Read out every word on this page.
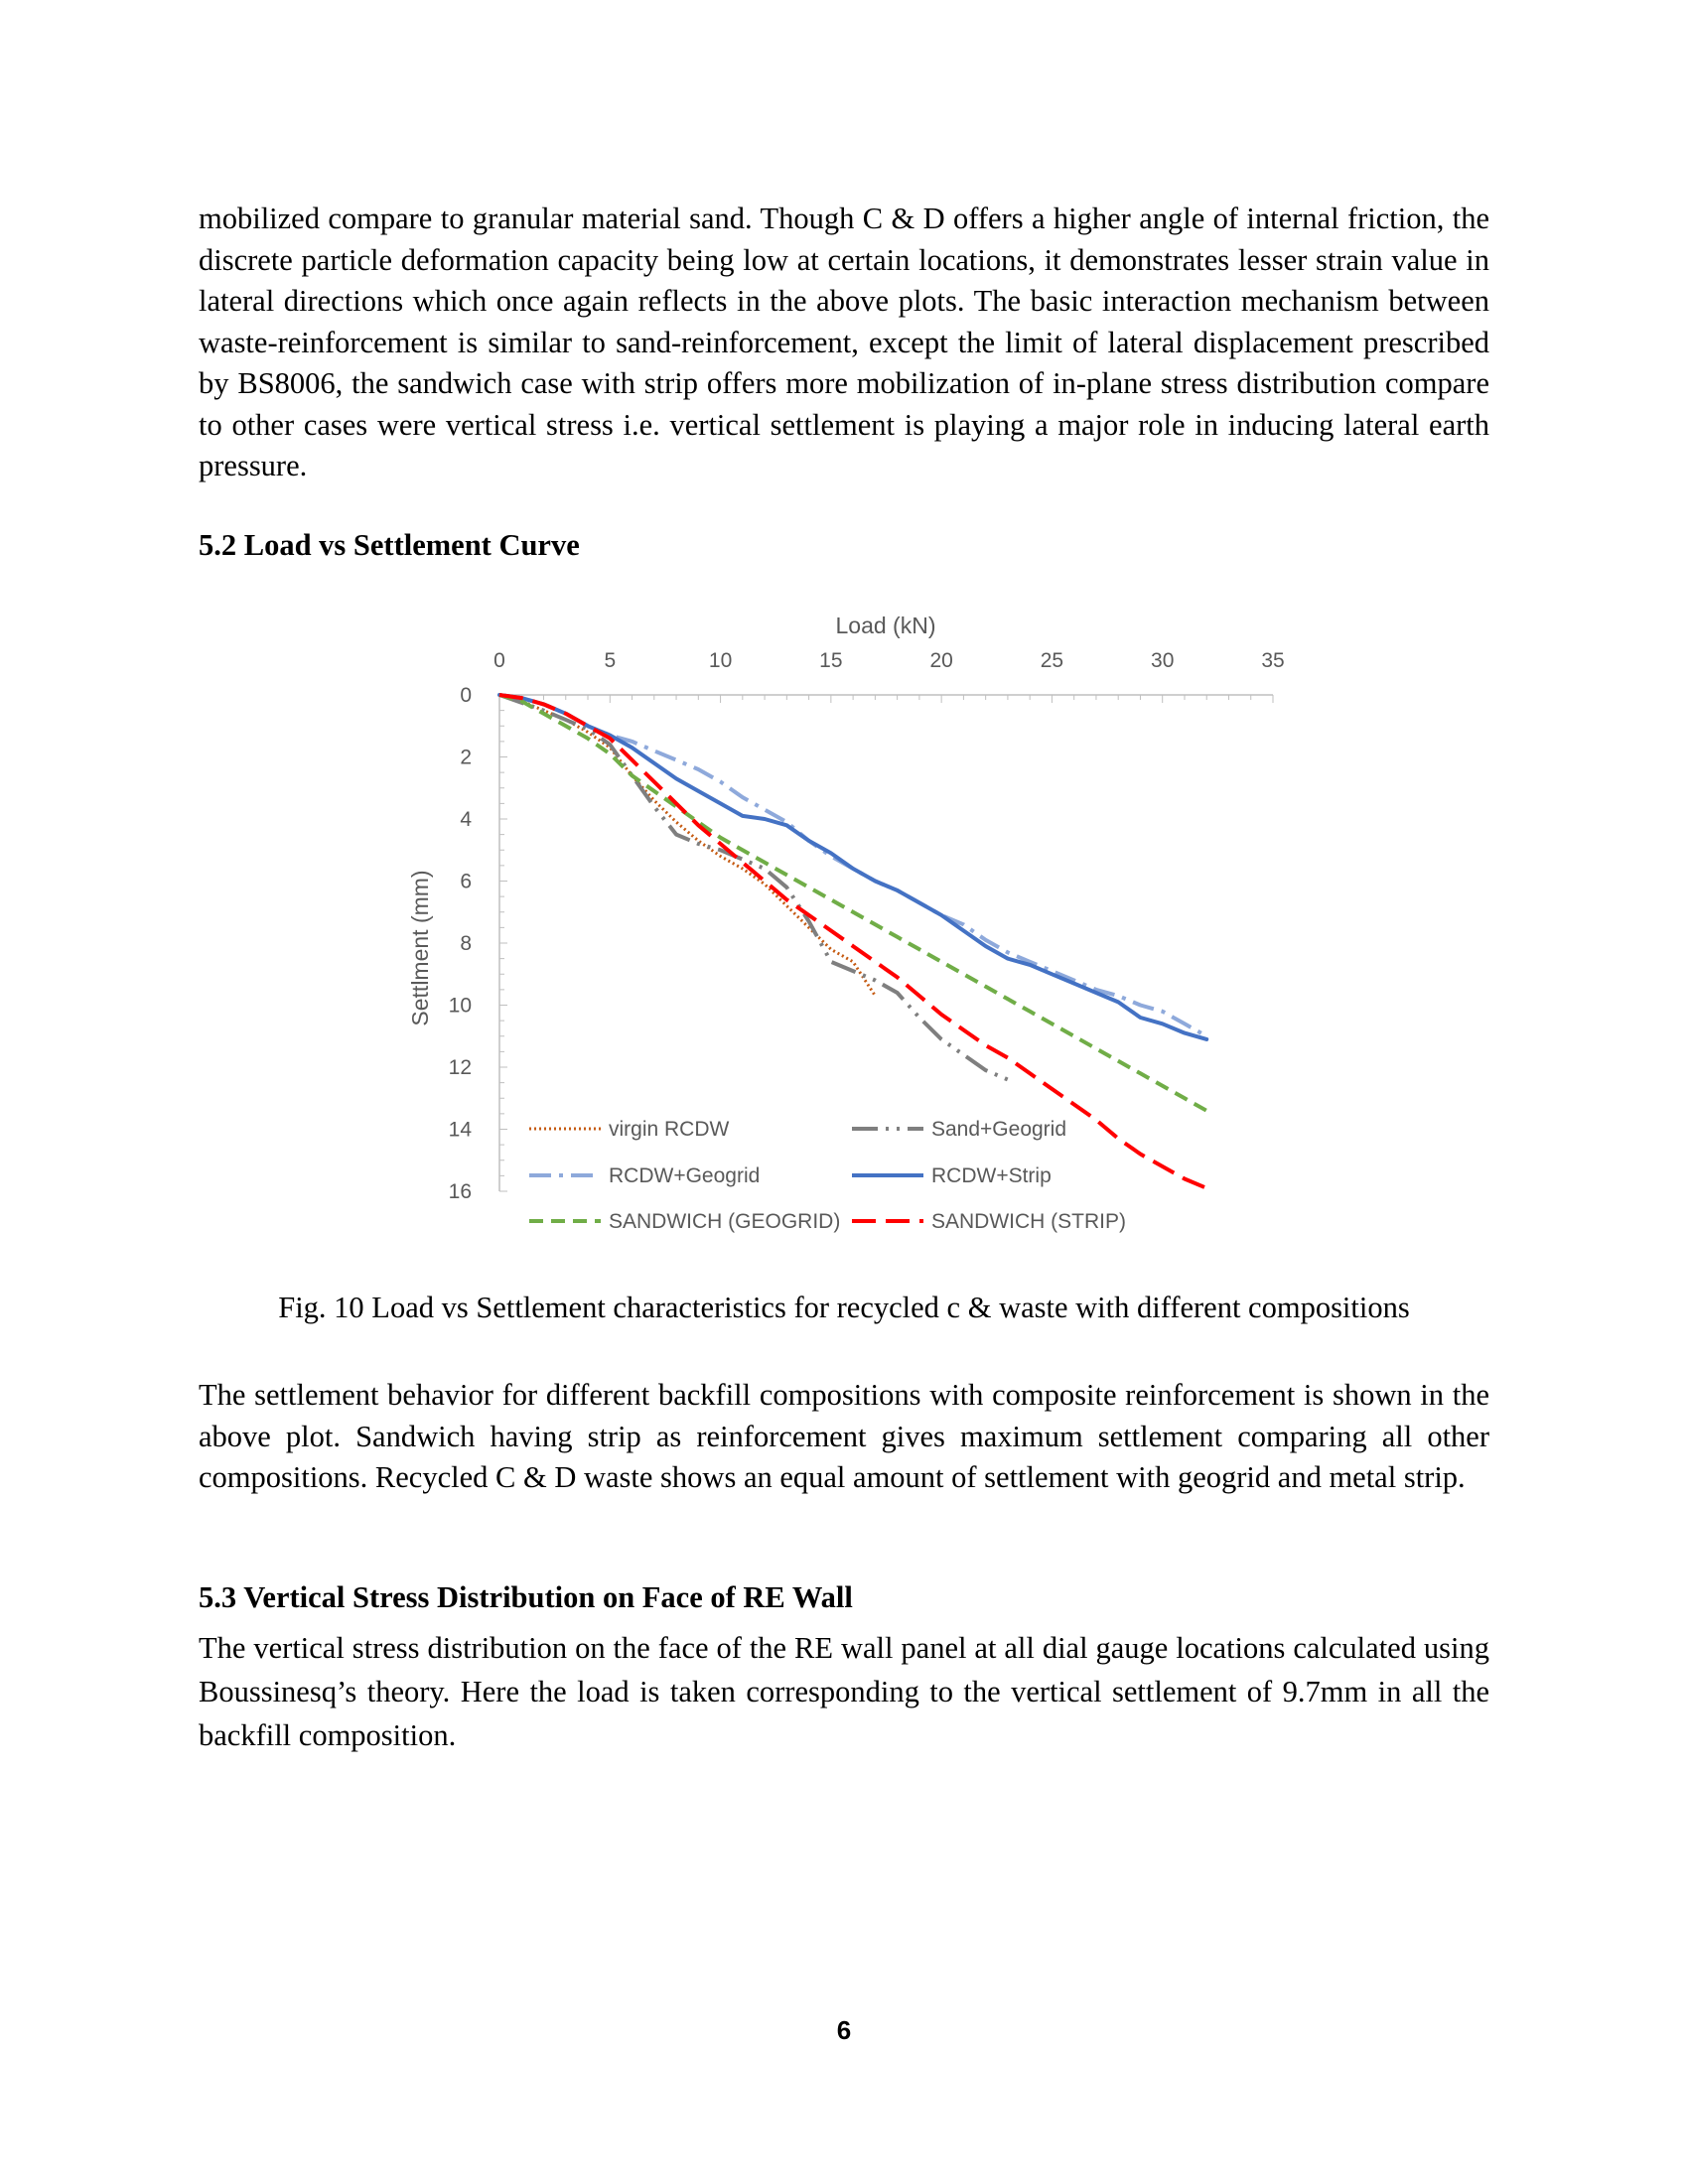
mobilized compare to granular material sand. Though C & D offers a higher angle of internal friction, the discrete particle deformation capacity being low at certain locations, it demonstrates lesser strain value in lateral directions which once again reflects in the above plots. The basic interaction mechanism between waste-reinforcement is similar to sand-reinforcement, except the limit of lateral displacement prescribed by BS8006, the sandwich case with strip offers more mobilization of in-plane stress distribution compare to other cases were vertical stress i.e. vertical settlement is playing a major role in inducing lateral earth pressure.

5.2 Load vs Settlement Curve
Load (kN)
Settlment (mm)
0	5	10	15	20	25	30	35
0
2
4
6
8
10
12
14
16
virgin RCDW	Sand+Geogrid
RCDW+Geogrid	RCDW+Strip
SANDWICH (GEOGRID)	SANDWICH (STRIP)

Fig. 10 Load vs Settlement characteristics for recycled c & waste with different compositions

The settlement behavior for different backfill compositions with composite reinforcement is shown in the above plot. Sandwich having strip as reinforcement gives maximum settlement comparing all other compositions. Recycled C & D waste shows an equal amount of settlement with geogrid and metal strip.

5.3 Vertical Stress Distribution on Face of RE Wall

The vertical stress distribution on the face of the RE wall panel at all dial gauge locations calculated using Boussinesq’s theory. Here the load is taken corresponding to the vertical settlement of 9.7mm in all the backfill composition.

6
